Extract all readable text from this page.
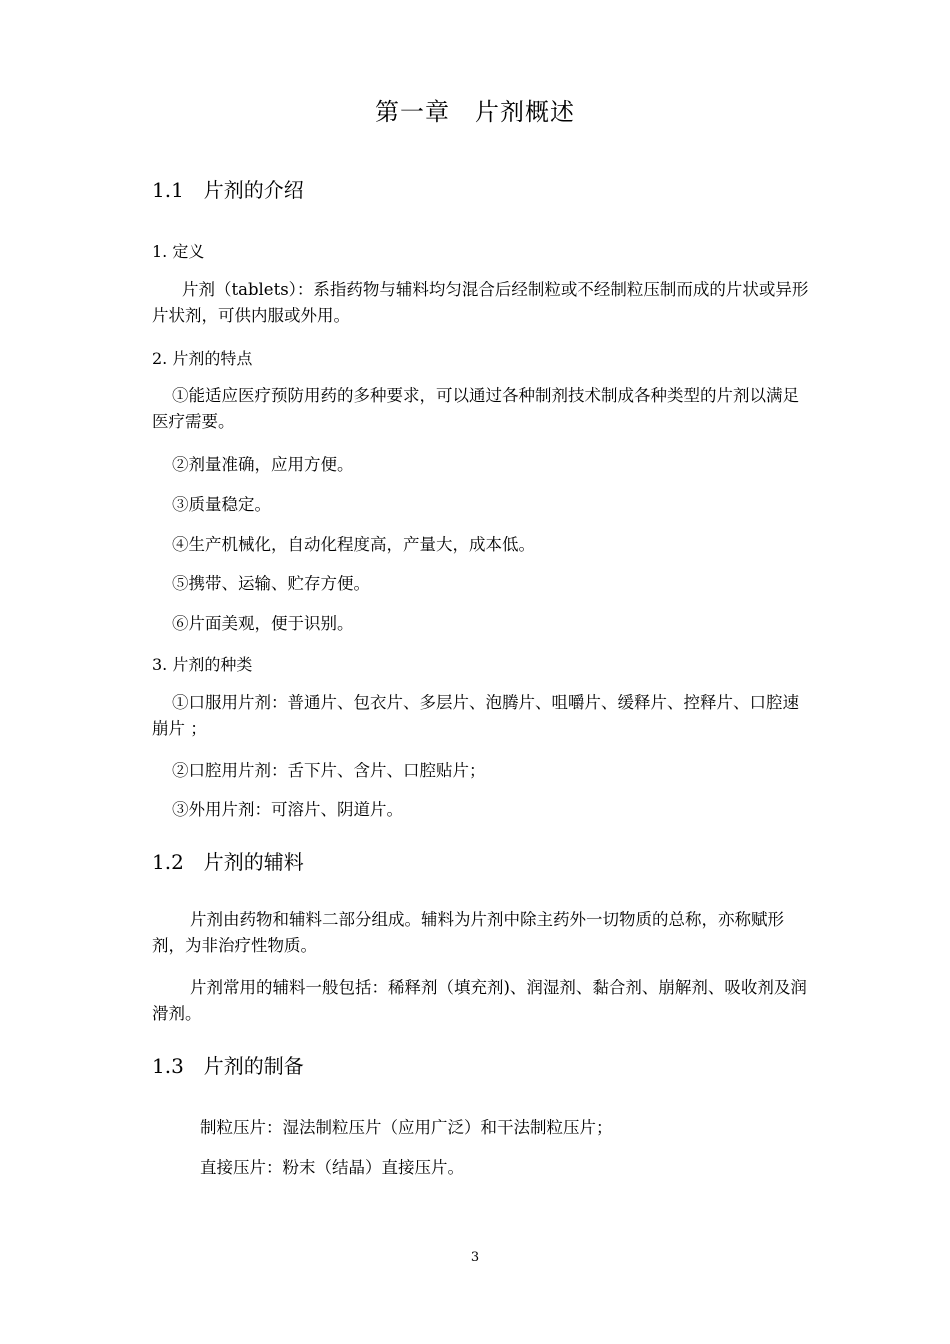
第一章　片剂概述
1.1　片剂的介绍
1. 定义
片剂（tablets）：系指药物与辅料均匀混合后经制粒或不经制粒压制而成的片状或异形片状剂，可供内服或外用。
2. 片剂的特点
①能适应医疗预防用药的多种要求，可以通过各种制剂技术制成各种类型的片剂以满足医疗需要。
②剂量准确，应用方便。
③质量稳定。
④生产机械化，自动化程度高，产量大，成本低。
⑤携带、运输、贮存方便。
⑥片面美观，便于识别。
3. 片剂的种类
①口服用片剂：普通片、包衣片、多层片、泡腾片、咀嚼片、缓释片、控释片、口腔速崩片 ；
②口腔用片剂：舌下片、含片、口腔贴片；
③外用片剂：可溶片、阴道片。
1.2　片剂的辅料
片剂由药物和辅料二部分组成。辅料为片剂中除主药外一切物质的总称，亦称赋形剂，为非治疗性物质。
片剂常用的辅料一般包括：稀释剂（填充剂)、润湿剂、黏合剂、崩解剂、吸收剂及润滑剂。
1.3　片剂的制备
制粒压片：湿法制粒压片（应用广泛）和干法制粒压片；
直接压片：粉末（结晶）直接压片。
3
